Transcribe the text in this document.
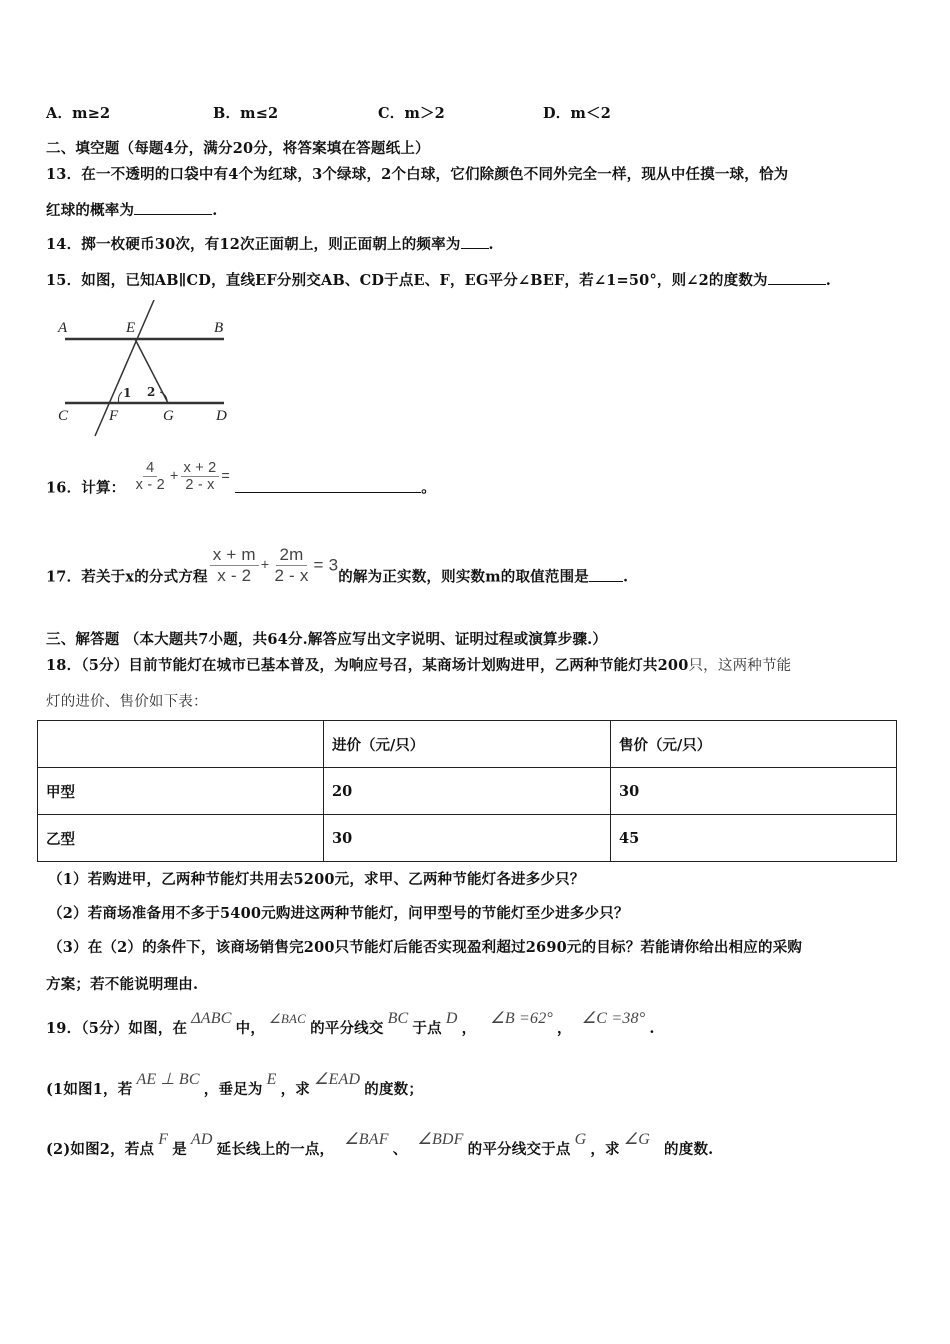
A．m≥2	B．m≤2	C．m＞2	D．m＜2
二、填空题（每题4分，满分20分，将答案填在答题纸上）
13．在一不透明的口袋中有4个为红球，3个绿球，2个白球，它们除颜色不同外完全一样，现从中任摸一球，恰为
红球的概率为	.
14．掷一枚硬币30次，有12次正面朝上，则正面朝上的频率为 .
15．如图，已知AB∥CD，直线EF分别交AB、CD于点E、F，EG平分∠BEF，若∠1=50°，则∠2的度数为	.
A	E	B
C	F	G	D
1 2
16．计算： $\frac{4}{x - 2} + \frac{x + 2}{2 - x}$ = 。
17．若关于x的分式方程 $\frac{x + m}{x - 2} + \frac{2m}{2 - x} = 3$的解为正实数，则实数m的取值范围是 .
三、解答题 （本大题共7小题，共64分.解答应写出文字说明、证明过程或演算步骤.）
18．（5分）目前节能灯在城市已基本普及，为响应号召，某商场计划购进甲，乙两种节能灯共200只，这两种节能
灯的进价、售价如下表：
	进价（元/只）	售价（元/只）
甲型	20	30
乙型	30	45
（1）若购进甲，乙两种节能灯共用去5200元，求甲、乙两种节能灯各进多少只？
（2）若商场准备用不多于5400元购进这两种节能灯，问甲型号的节能灯至少进多少只？
（3）在（2）的条件下，该商场销售完200只节能灯后能否实现盈利超过2690元的目标？若能请你给出相应的采购
方案；若不能说明理由.
19．（5分）如图，在ΔABC中，∠BAC的平分线交BC于点D，∠B =62°，∠C =38°.
(1如图1，若AE ⊥ BC，垂足为E，求∠EAD的度数；
(2)如图2，若点F是AD延长线上的一点，∠BAF、∠BDF的平分线交于点G，求∠G的度数.
